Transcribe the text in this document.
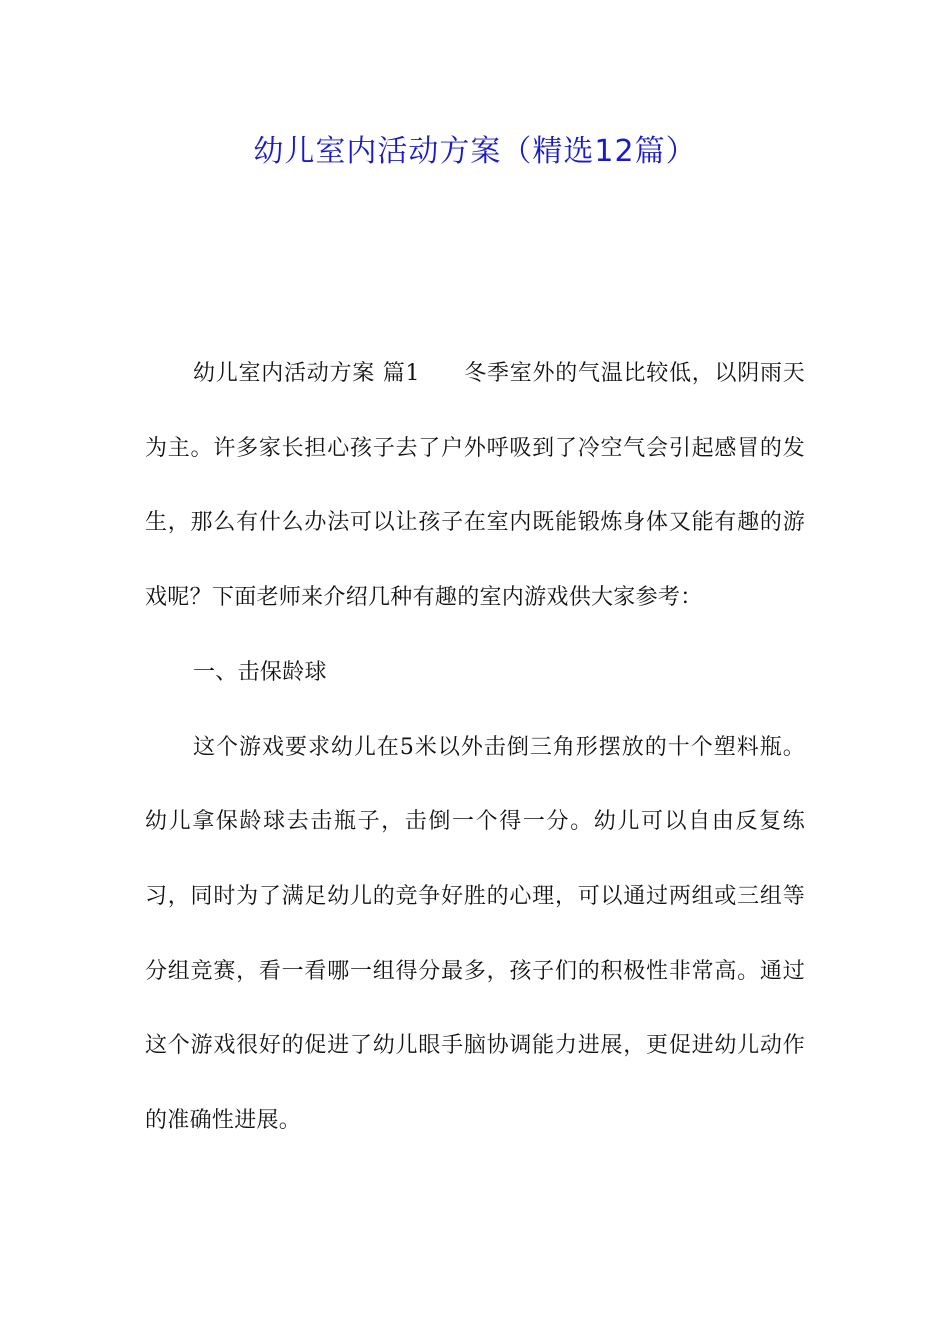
幼儿室内活动方案（精选12篇）

幼儿室内活动方案 篇1 冬季室外的气温比较低，以阴雨天为主。许多家长担心孩子去了户外呼吸到了冷空气会引起感冒的发生，那么有什么办法可以让孩子在室内既能锻炼身体又能有趣的游戏呢？下面老师来介绍几种有趣的室内游戏供大家参考：

一、击保龄球

这个游戏要求幼儿在5米以外击倒三角形摆放的十个塑料瓶。幼儿拿保龄球去击瓶子，击倒一个得一分。幼儿可以自由反复练习，同时为了满足幼儿的竞争好胜的心理，可以通过两组或三组等分组竞赛，看一看哪一组得分最多，孩子们的积极性非常高。通过这个游戏很好的促进了幼儿眼手脑协调能力进展，更促进幼儿动作的准确性进展。
